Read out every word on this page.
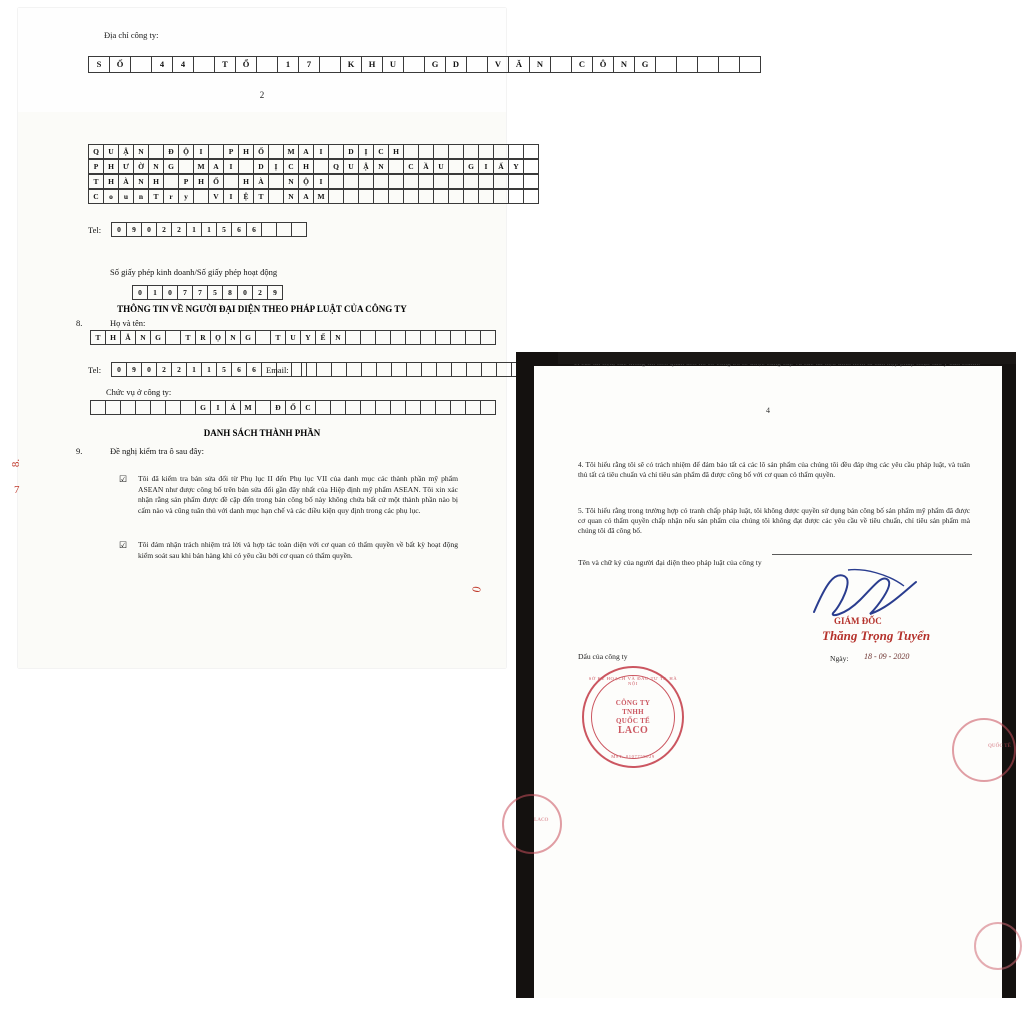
Địa chỉ công ty:
S	Ố	4	4	T	Ổ	1	7	K	H	U	G	D	V	Ă	N	C	Ô	N	G
2
Q	U	Ậ	N	Đ	Ộ	I	P	H	Ố	M	A	I	D	Ị	C	H
P	H	Ư	Ờ	N	G	M	A	I	D	Ị	C	H	Q	U	Ậ	N	C	Ầ	U	G	I	Ấ	Y
T	H	À	N	H	P	H	Ố	H	À	N	Ộ	I
C	o	u	n	T	r	y	V	I	Ệ	T	N	A	M
Tel:	0	9	0	2	2	1	1	5	6	6
Số giấy phép kinh doanh/Số giấy phép hoạt động
0	1	0	7	7	5	8	0	2	9
THÔNG TIN VỀ NGƯỜI ĐẠI DIỆN THEO PHÁP LUẬT CỦA CÔNG TY
8.	Họ và tên:
T	H	Ă	N	G	T	R	Ọ	N	G	T	U	Y	Ể	N
Tel:	0	9	0	2	2	1	1	5	6	6	Email:
Chức vụ ở công ty:
G	I	Á	M	Đ	Ố	C
DANH SÁCH THÀNH PHẦN
9.	Đề nghị kiểm tra ô sau đây:
☑ Tôi đã kiểm tra bản sửa đổi từ Phụ lục II đến Phụ lục VII của danh mục các thành phần mỹ phẩm ASEAN như được công bố trên bản sửa đổi gần đây nhất của Hiệp định mỹ phẩm ASEAN. Tôi xin xác nhận rằng sản phẩm được đề cập đến trong bản công bố này không chứa bất cứ một thành phần nào bị cấm nào và cũng tuân thủ với danh mục hạn chế và các điều kiện quy định trong các phụ lục.
☑ Tôi đảm nhận trách nhiệm trả lời và hợp tác toàn diện với cơ quan có thẩm quyền về bất kỳ hoạt động kiểm soát sau khi bán hàng khi có yêu cầu bởi cơ quan có thẩm quyền.
8.
7
0
4
4. Tôi hiểu rằng tôi sẽ có trách nhiệm để đảm bảo tất cả các lô sản phẩm của chúng tôi đều đáp ứng các yêu cầu pháp luật, và tuân thủ tất cả tiêu chuẩn và chỉ tiêu sản phẩm đã được công bố với cơ quan có thẩm quyền.
5. Tôi hiểu rằng trong trường hợp có tranh chấp pháp luật, tôi không được quyền sử dụng bản công bố sản phẩm mỹ phẩm đã được cơ quan có thẩm quyền chấp nhận nếu sản phẩm của chúng tôi không đạt được các yêu cầu về tiêu chuẩn, chỉ tiêu sản phẩm mà chúng tôi đã công bố.
Tên và chữ ký của người đại diện theo pháp luật của công ty
GIÁM ĐỐC
Thăng Trọng Tuyển
Dấu của công ty	Ngày: 18 - 09 - 2020
SỞ KẾ HOẠCH VÀ ĐẦU TƯ TP. HÀ NỘI
CÔNG TY
TNHH
QUỐC TẾ
LACO
MST: 0107758029
LACO
QUỐC TẾ
